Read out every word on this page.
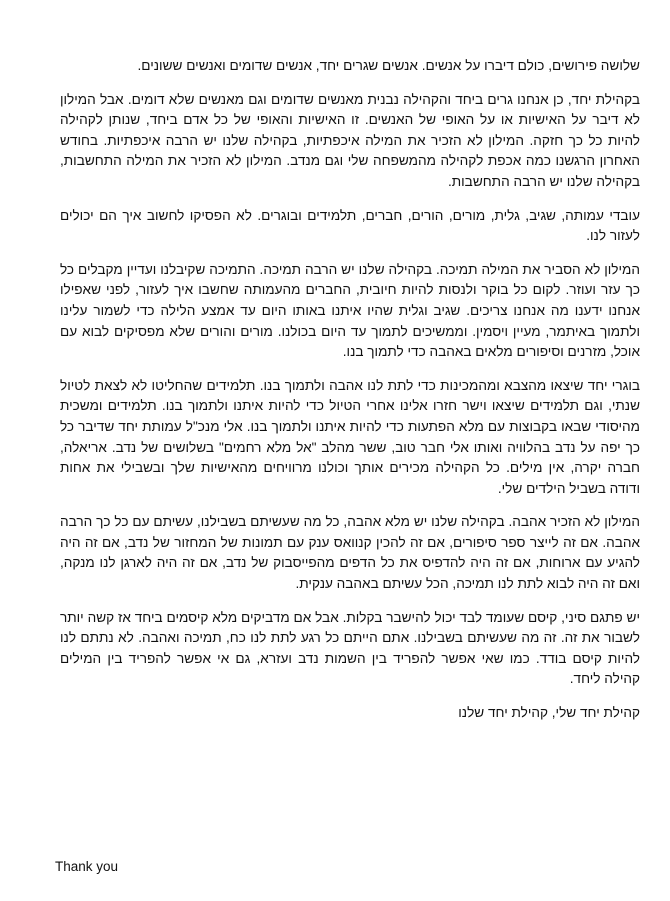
שלושה פירושים, כולם דיברו על אנשים. אנשים שגרים יחד, אנשים שדומים ואנשים ששונים.

בקהילת יחד, כן אנחנו גרים ביחד והקהילה נבנית מאנשים שדומים וגם מאנשים שלא דומים. אבל המילון לא דיבר על האישיות או על האופי של האנשים. זו האישיות והאופי של כל אדם ביחד, שנותן לקהילה להיות כל כך חזקה. המילון לא הזכיר את המילה איכפתיות, בקהילה שלנו יש הרבה איכפתיות. בחודש האחרון הרגשנו כמה אכפת לקהילה מהמשפחה שלי וגם מנדב. המילון לא הזכיר את המילה התחשבות, בקהילה שלנו יש הרבה התחשבות.

עובדי עמותה, שגיב, גלית, מורים, הורים, חברים, תלמידים ובוגרים. לא הפסיקו לחשוב איך הם יכולים לעזור לנו.

המילון לא הסביר את המילה תמיכה. בקהילה שלנו יש הרבה תמיכה. התמיכה שקיבלנו ועדיין מקבלים כל כך עזר ועוזר. לקום כל בוקר ולנסות להיות חיובית, החברים מהעמותה שחשבו איך לעזור, לפני שאפילו אנחנו ידענו מה אנחנו צריכים. שגיב וגלית שהיו איתנו באותו היום עד אמצע הלילה כדי לשמור עלינו ולתמוך באיתמר, מעיין ויסמין. וממשיכים לתמוך עד היום בכולנו. מורים והורים שלא מפסיקים לבוא עם אוכל, מזרנים וסיפורים מלאים באהבה כדי לתמוך בנו.

בוגרי יחד שיצאו מהצבא ומהמכינות כדי לתת לנו אהבה ולתמוך בנו. תלמידים שהחליטו לא לצאת לטיול שנתי, וגם תלמידים שיצאו וישר חזרו אלינו אחרי הטיול כדי להיות איתנו ולתמוך בנו. תלמידים ומשכית מהיסודי שבאו בקבוצות עם מלא הפתעות כדי להיות איתנו ולתמוך בנו. אלי מנכ"ל עמותת יחד שדיבר כל כך יפה על נדב בהלוויה ואותו אלי חבר טוב, ששר מהלב "אל מלא רחמים" בשלושים של נדב. אריאלה, חברה יקרה, אין מילים. כל הקהילה מכירים אותך וכולנו מרוויחים מהאישיות שלך ובשבילי את אחות ודודה בשביל הילדים שלי.

המילון לא הזכיר אהבה. בקהילה שלנו יש מלא אהבה, כל מה שעשיתם בשבילנו, עשיתם עם כל כך הרבה אהבה. אם זה לייצר ספר סיפורים, אם זה להכין קנוואס ענק עם תמונות של המחזור של נדב, אם זה היה להגיע עם ארוחות, אם זה היה להדפיס את כל הדפים מהפייסבוק של נדב, אם זה היה לארגן לנו מנקה, ואם זה היה לבוא לתת לנו תמיכה, הכל עשיתם באהבה ענקית.

יש פתגם סיני, קיסם שעומד לבד יכול להישבר בקלות. אבל אם מדביקים מלא קיסמים ביחד אז קשה יותר לשבור את זה. זה מה שעשיתם בשבילנו. אתם הייתם כל רגע לתת לנו כח, תמיכה ואהבה. לא נתתם לנו להיות קיסם בודד. כמו שאי אפשר להפריד בין השמות נדב ועזרא, גם אי אפשר להפריד בין המילים קהילה ליחד.

קהילת יחד שלי, קהילת יחד שלנו

Thank you
